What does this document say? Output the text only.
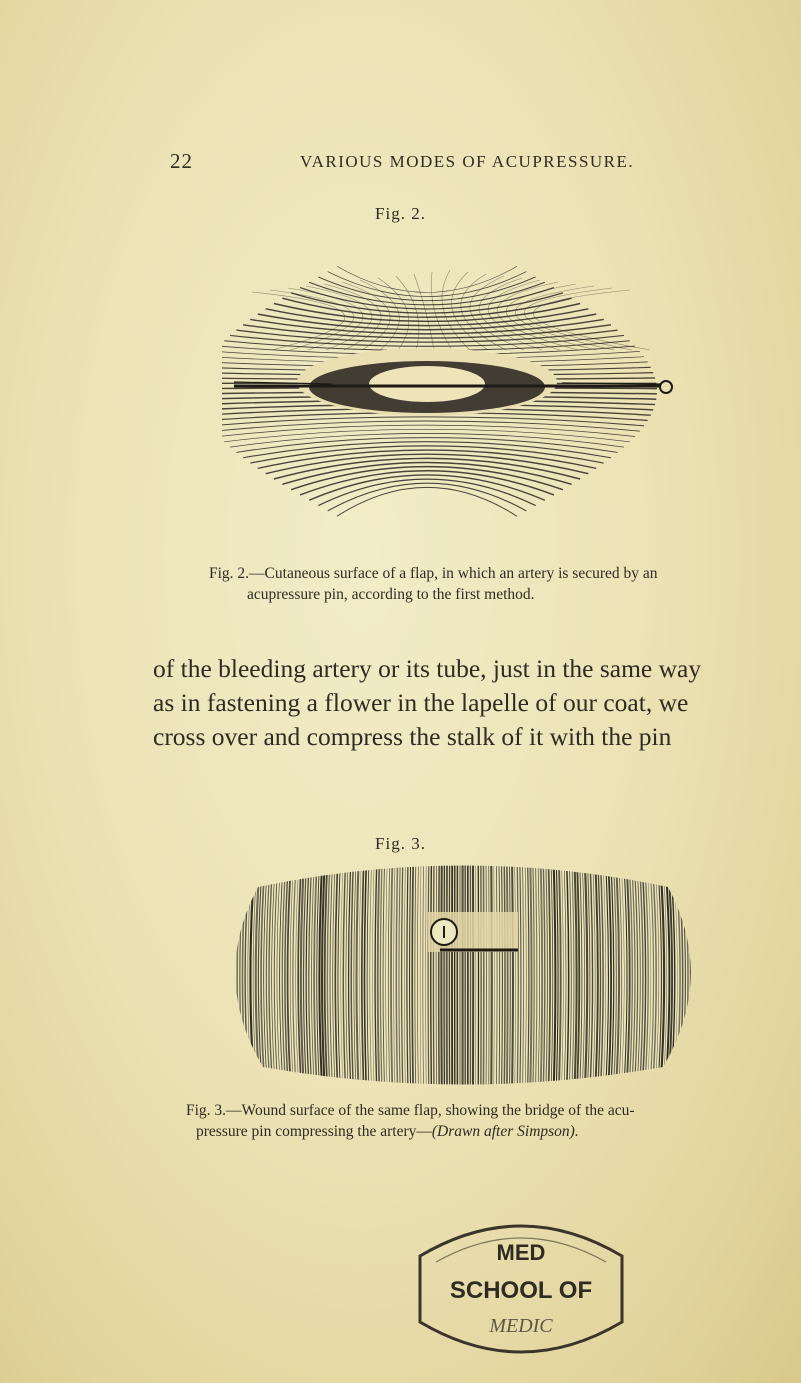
22	VARIOUS MODES OF ACUPRESSURE.
Fig. 2.
Fig. 2.—Cutaneous surface of a flap, in which an artery is secured by an
acupressure pin, according to the first method.
of the bleeding artery or its tube, just in the same way
as in fastening a flower in the lapelle of our coat, we
cross over and compress the stalk of it with the pin
Fig. 3.
Fig. 3.—Wound surface of the same flap, showing the bridge of the acu-
pressure pin compressing the artery—(Drawn after Simpson).
MED
SCHOOL OF
MEDIC
